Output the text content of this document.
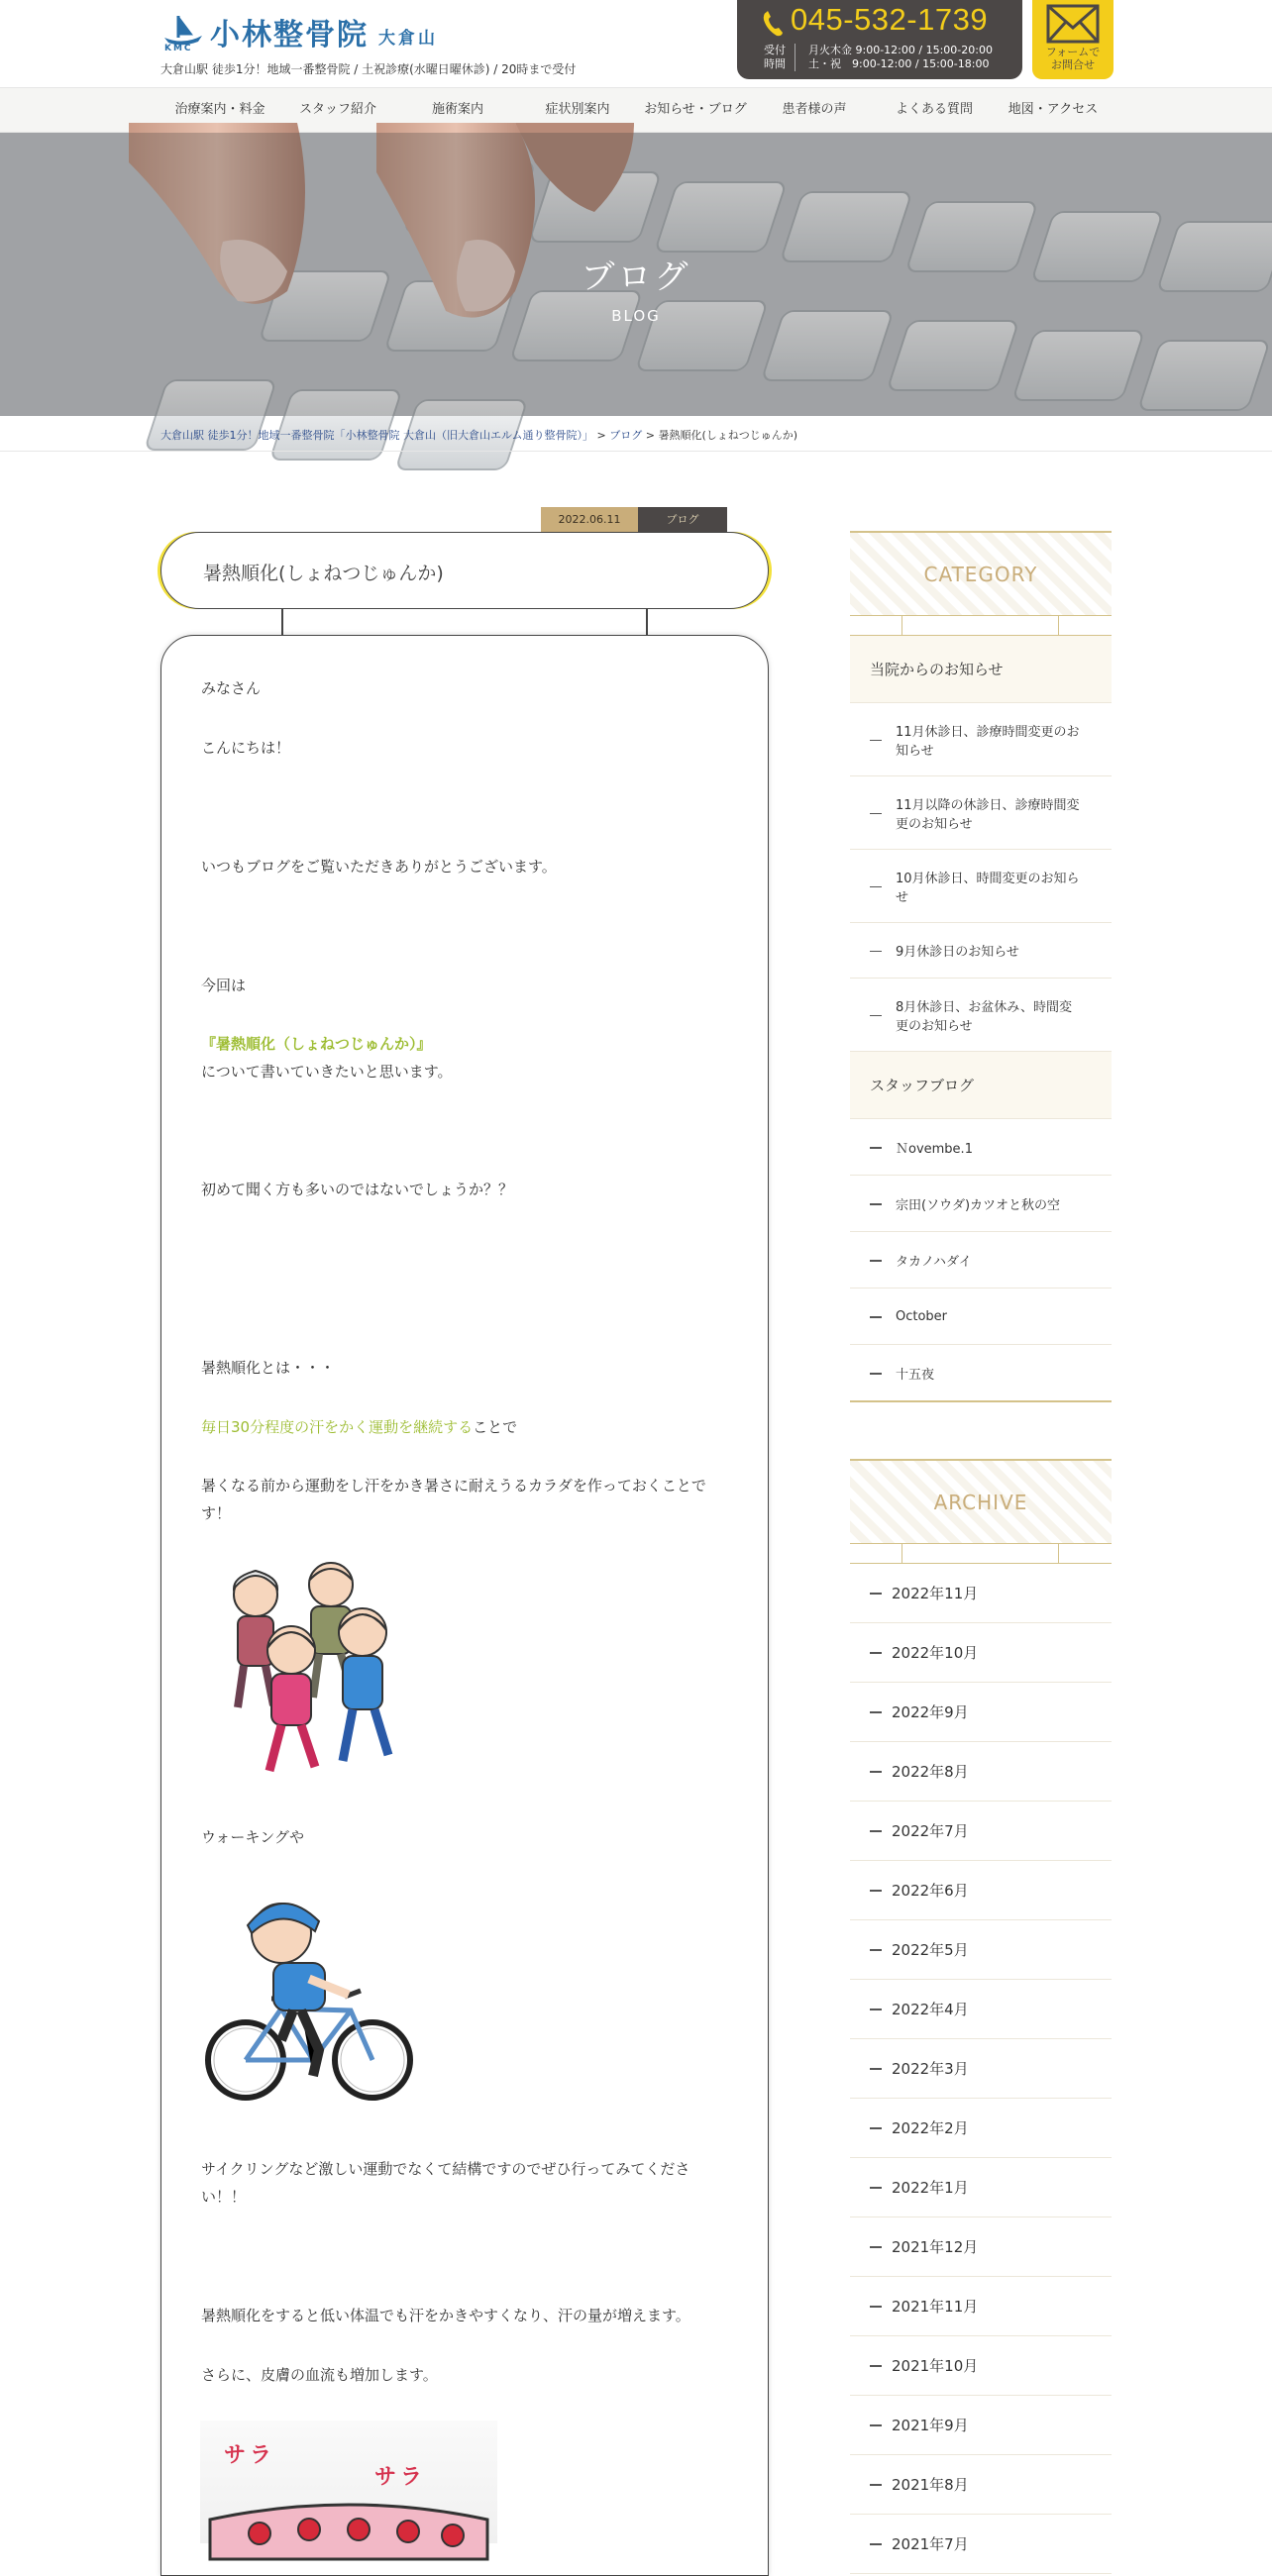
KMC 小林整骨院 大倉山
大倉山駅 徒歩1分！地域一番整骨院 / 土祝診療(水曜日曜休診) / 20時まで受付
045-532-1739
受付
時間
月火木金 9:00-12:00 / 15:00-20:00
土・祝　9:00-12:00 / 15:00-18:00
フォームで
お問合せ
治療案内・料金	スタッフ紹介	施術案内	症状別案内	お知らせ・ブログ	患者様の声	よくある質問	地図・アクセス
ブログ
BLOG
大倉山駅 徒歩1分！地域一番整骨院「小林整骨院 大倉山（旧大倉山エルム通り整骨院）」 > ブログ > 暑熱順化(しょねつじゅんか)
2022.06.11	ブログ
暑熱順化(しょねつじゅんか)
みなさん
こんにちは！
いつもブログをご覧いただきありがとうございます。
今回は
『暑熱順化（しょねつじゅんか）』
について書いていきたいと思います。
初めて聞く方も多いのではないでしょうか？？
暑熱順化とは・・・
毎日30分程度の汗をかく運動を継続することで
暑くなる前から運動をし汗をかき暑さに耐えうるカラダを作っておくことです！
ウォーキングや
サイクリングなど激しい運動でなくて結構ですのでぜひ行ってみてください！！
暑熱順化をすると低い体温でも汗をかきやすくなり、汗の量が増えます。
さらに、皮膚の血流も増加します。
サラ
サラ
CATEGORY
当院からのお知らせ
11月休診日、診療時間変更のお知らせ
11月以降の休診日、診療時間変更のお知らせ
10月休診日、時間変更のお知らせ
9月休診日のお知らせ
8月休診日、お盆休み、時間変更のお知らせ
スタッフブログ
Ｎovembe.1
宗田(ソウダ)カツオと秋の空
タカノハダイ
October
十五夜
ARCHIVE
2022年11月
2022年10月
2022年9月
2022年8月
2022年7月
2022年6月
2022年5月
2022年4月
2022年3月
2022年2月
2022年1月
2021年12月
2021年11月
2021年10月
2021年9月
2021年8月
2021年7月
